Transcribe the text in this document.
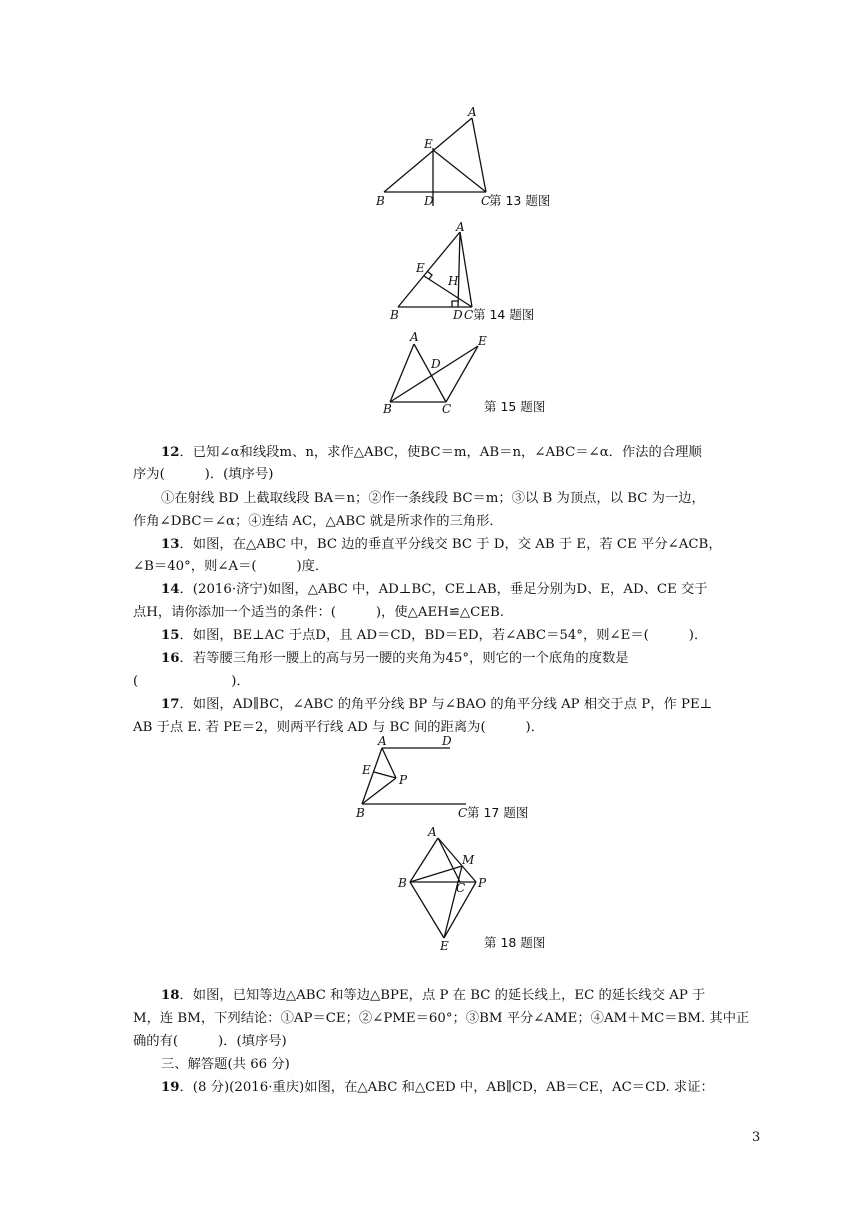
A
E
B	D	C
第 13 题图
A
E
H
B	D C 第 14 题图
A
D
E
B	C	第 15 题图

12．已知∠α和线段m、n，求作△ABC，使BC＝m，AB＝n，∠ABC＝∠α．作法的合理顺

序为(　　　)．(填序号)

①在射线 BD 上截取线段 BA＝n；②作一条线段 BC＝m；③以 B 为顶点，以 BC 为一边，

作角∠DBC＝∠α；④连结 AC，△ABC 就是所求作的三角形．

13．如图，在△ABC 中，BC 边的垂直平分线交 BC 于 D，交 AB 于 E，若 CE 平分∠ACB，

∠B＝40°，则∠A＝(　　　)度．

14．(2016·济宁)如图，△ABC 中，AD⊥BC，CE⊥AB，垂足分别为D、E，AD、CE 交于

点H，请你添加一个适当的条件：(　　　)，使△AEH≌△CEB.

15．如图，BE⊥AC 于点D，且 AD＝CD，BD＝ED，若∠ABC＝54°，则∠E＝(　　　)．

16．若等腰三角形一腰上的高与另一腰的夹角为45°，则它的一个底角的度数是

(　　　　　　　)．

17．如图，AD∥BC，∠ABC 的角平分线 BP 与∠BAO 的角平分线 AP 相交于点 P，作 PE⊥

AB 于点 E. 若 PE＝2，则两平行线 AD 与 BC 间的距离为(　　　)．

A	D
E
P
B	C 第 17 题图
A
M
B	C P
E	第 18 题图

18．如图，已知等边△ABC 和等边△BPE，点 P 在 BC 的延长线上，EC 的延长线交 AP 于

M，连 BM，下列结论：①AP＝CE；②∠PME＝60°；③BM 平分∠AME；④AM＋MC＝BM. 其中正

确的有(　　　)．(填序号)

三、解答题(共 66 分)

19．(8 分)(2016·重庆)如图，在△ABC 和△CED 中，AB∥CD，AB＝CE，AC＝CD. 求证：

3
